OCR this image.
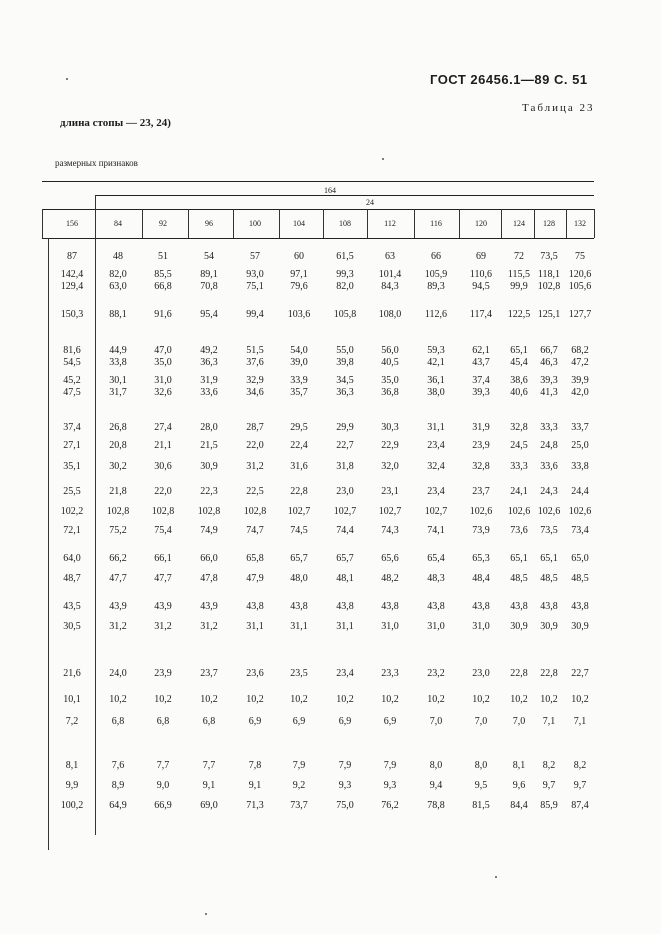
ГОСТ 26456.1—89 С. 51
Таблица 23
длина стопы — 23, 24)
размерных признаков
164
24
156	84	92	96	100	104	108	112	116	120	124	128	132
87	48	51	54	57	60	61,5	63	66	69	72	73,5	75
142,4	82,0	85,5	89,1	93,0	97,1	99,3	101,4	105,9	110,6	115,5 118,1 120,6
129,4	63,0	66,8	70,8	75,1	79,6	82,0	84,3	89,3	94,5	99,9	102,8 105,6
150,3	88,1	91,6	95,4	99,4	103,6	105,8	108,0	112,6	117,4	122,5 125,1 127,7
81,6	44,9	47,0	49,2	51,5	54,0	55,0	56,0	59,3	62,1	65,1	66,7	68,2
54,5	33,8	35,0	36,3	37,6	39,0	39,8	40,5	42,1	43,7	45,4	46,3	47,2
45,2	30,1	31,0	31,9	32,9	33,9	34,5	35,0	36,1	37,4	38,6	39,3	39,9
47,5	31,7	32,6	33,6	34,6	35,7	36,3	36,8	38,0	39,3	40,6	41,3	42,0
37,4	26,8	27,4	28,0	28,7	29,5	29,9	30,3	31,1	31,9	32,8	33,3	33,7
27,1	20,8	21,1	21,5	22,0	22,4	22,7	22,9	23,4	23,9	24,5	24,8	25,0
35,1	30,2	30,6	30,9	31,2	31,6	31,8	32,0	32,4	32,8	33,3	33,6	33,8
25,5	21,8	22,0	22,3	22,5	22,8	23,0	23,1	23,4	23,7	24,1	24,3	24,4
102,2	102,8	102,8	102,8	102,8	102,7	102,7	102,7	102,7	102,6	102,6 102,6 102,6
72,1	75,2	75,4	74,9	74,7	74,5	74,4	74,3	74,1	73,9	73,6	73,5	73,4
64,0	66,2	66,1	66,0	65,8	65,7	65,7	65,6	65,4	65,3	65,1	65,1	65,0
48,7	47,7	47,7	47,8	47,9	48,0	48,1	48,2	48,3	48,4	48,5	48,5	48,5
43,5	43,9	43,9	43,9	43,8	43,8	43,8	43,8	43,8	43,8	43,8	43,8	43,8
30,5	31,2	31,2	31,2	31,1	31,1	31,1	31,0	31,0	31,0	30,9	30,9	30,9
21,6	24,0	23,9	23,7	23,6	23,5	23,4	23,3	23,2	23,0	22,8	22,8	22,7
10,1	10,2	10,2	10,2	10,2	10,2	10,2	10,2	10,2	10,2	10,2	10,2	10,2
7,2	6,8	6,8	6,8	6,9	6,9	6,9	6,9	7,0	7,0	7,0	7,1	7,1
8,1	7,6	7,7	7,7	7,8	7,9	7,9	7,9	8,0	8,0	8,1	8,2	8,2
9,9	8,9	9,0	9,1	9,1	9,2	9,3	9,3	9,4	9,5	9,6	9,7	9,7
100,2	64,9	66,9	69,0	71,3	73,7	75,0	76,2	78,8	81,5	84,4	85,9	87,4
